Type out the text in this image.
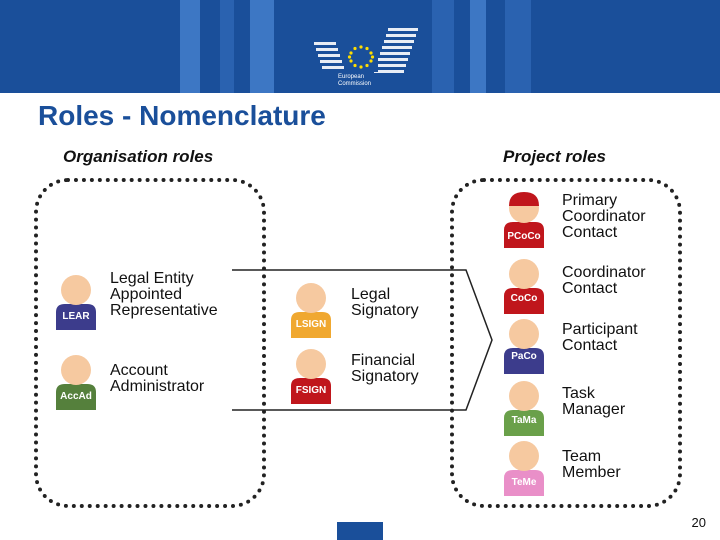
European
Commission
Roles - Nomenclature
Organisation roles	Project roles
LEAR
Legal Entity
Appointed
Representative
AccAd
Account
Administrator
LSIGN
Legal
Signatory
FSIGN
Financial
Signatory
PCoCo
Primary
Coordinator
Contact
CoCo
Coordinator
Contact
PaCo
Participant
Contact
TaMa
Task
Manager
TeMe
Team
Member
20
